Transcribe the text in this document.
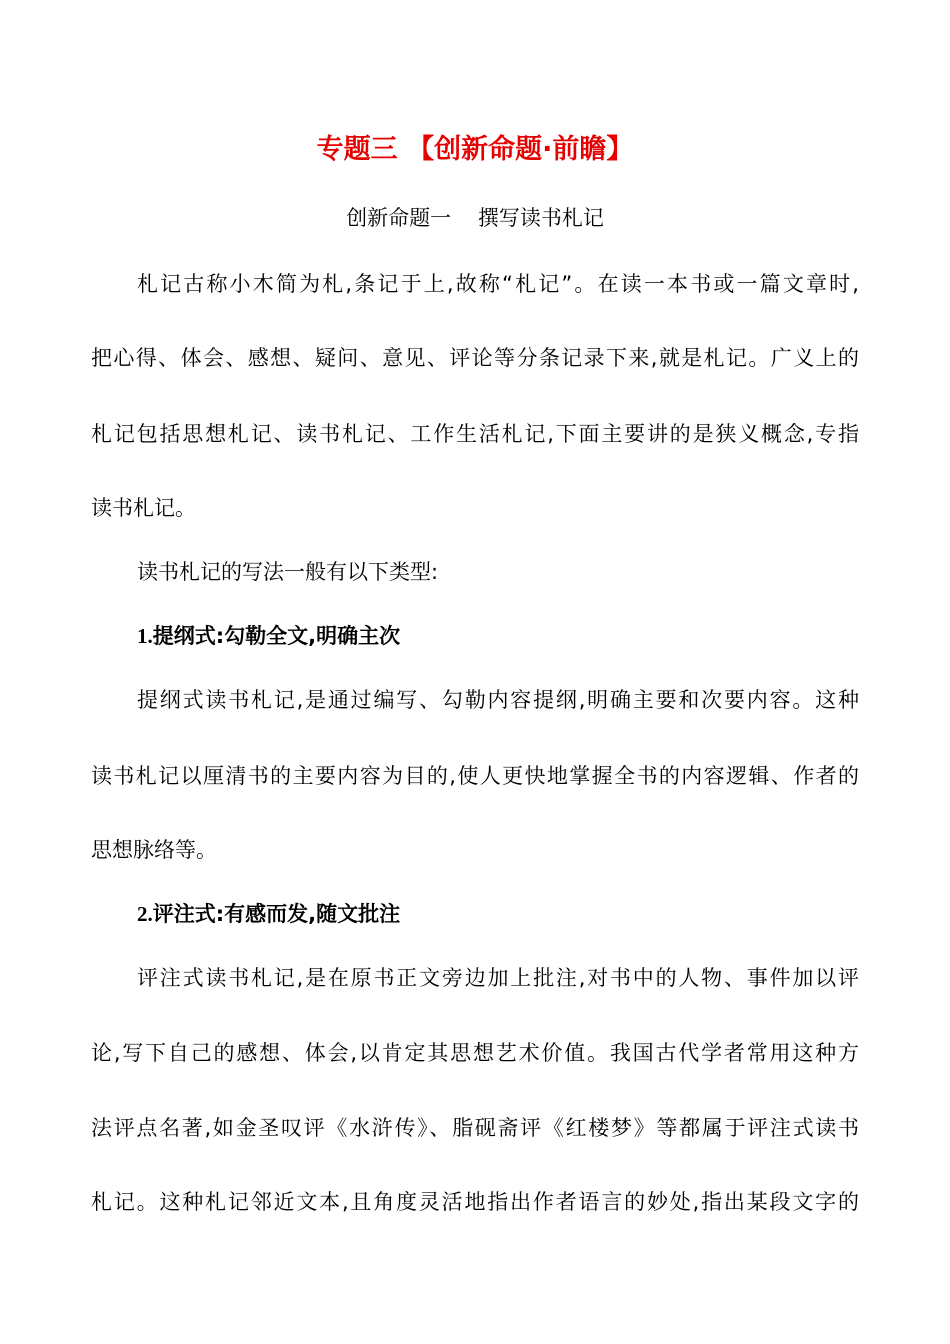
专题三 【创新命题·前瞻】
创新命题一    撰写读书札记
札记古称小木简为札,条记于上,故称“札记”。在读一本书或一篇文章时,
把心得、体会、感想、疑问、意见、评论等分条记录下来,就是札记。广义上的
札记包括思想札记、读书札记、工作生活札记,下面主要讲的是狭义概念,专指
读书札记。
读书札记的写法一般有以下类型:
1.提纲式:勾勒全文,明确主次
提纲式读书札记,是通过编写、勾勒内容提纲,明确主要和次要内容。这种
读书札记以厘清书的主要内容为目的,使人更快地掌握全书的内容逻辑、作者的
思想脉络等。
2.评注式:有感而发,随文批注
评注式读书札记,是在原书正文旁边加上批注,对书中的人物、事件加以评
论,写下自己的感想、体会,以肯定其思想艺术价值。我国古代学者常用这种方
法评点名著,如金圣叹评《水浒传》、脂砚斋评《红楼梦》等都属于评注式读书
札记。这种札记邻近文本,且角度灵活地指出作者语言的妙处,指出某段文字的
